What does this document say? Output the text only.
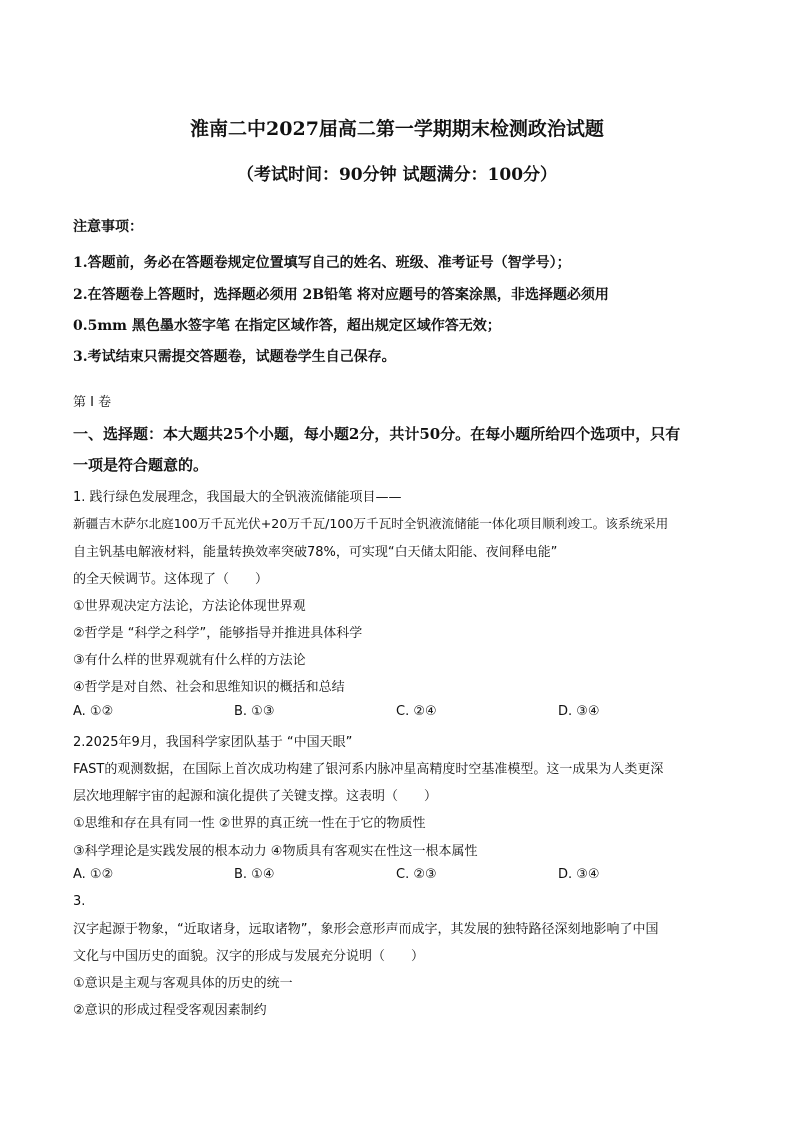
淮南二中2027届高二第一学期期末检测政治试题
（考试时间：90分钟 试题满分：100分）
注意事项：
1.答题前，务必在答题卷规定位置填写自己的姓名、班级、准考证号（智学号）；
2.在答题卷上答题时，选择题必须用 2B铅笔 将对应题号的答案涂黑，非选择题必须用
0.5mm 黑色墨水签字笔 在指定区域作答，超出规定区域作答无效；
3.考试结束只需提交答题卷，试题卷学生自己保存。
第 I 卷
一、选择题：本大题共25个小题，每小题2分，共计50分。在每小题所给四个选项中，只有
一项是符合题意的。
1. 践行绿色发展理念，我国最大的全钒液流储能项目——
新疆吉木萨尔北庭100万千瓦光伏+20万千瓦/100万千瓦时全钒液流储能一体化项目顺利竣工。该系统采用
自主钒基电解液材料，能量转换效率突破78%，可实现“白天储太阳能、夜间释电能”
的全天候调节。这体现了（　　）
①世界观决定方法论，方法论体现世界观
②哲学是 “科学之科学”，能够指导并推进具体科学
③有什么样的世界观就有什么样的方法论
④哲学是对自然、社会和思维知识的概括和总结
A. ①②	B. ①③	C. ②④	D. ③④
2.2025年9月，我国科学家团队基于 “中国天眼”
FAST的观测数据，在国际上首次成功构建了银河系内脉冲星高精度时空基准模型。这一成果为人类更深
层次地理解宇宙的起源和演化提供了关键支撑。这表明（　　）
①思维和存在具有同一性 ②世界的真正统一性在于它的物质性
③科学理论是实践发展的根本动力 ④物质具有客观实在性这一根本属性
A. ①②	B. ①④	C. ②③	D. ③④
3.
汉字起源于物象，“近取诸身，远取诸物”，象形会意形声而成字，其发展的独特路径深刻地影响了中国
文化与中国历史的面貌。汉字的形成与发展充分说明（　　）
①意识是主观与客观具体的历史的统一
②意识的形成过程受客观因素制约
